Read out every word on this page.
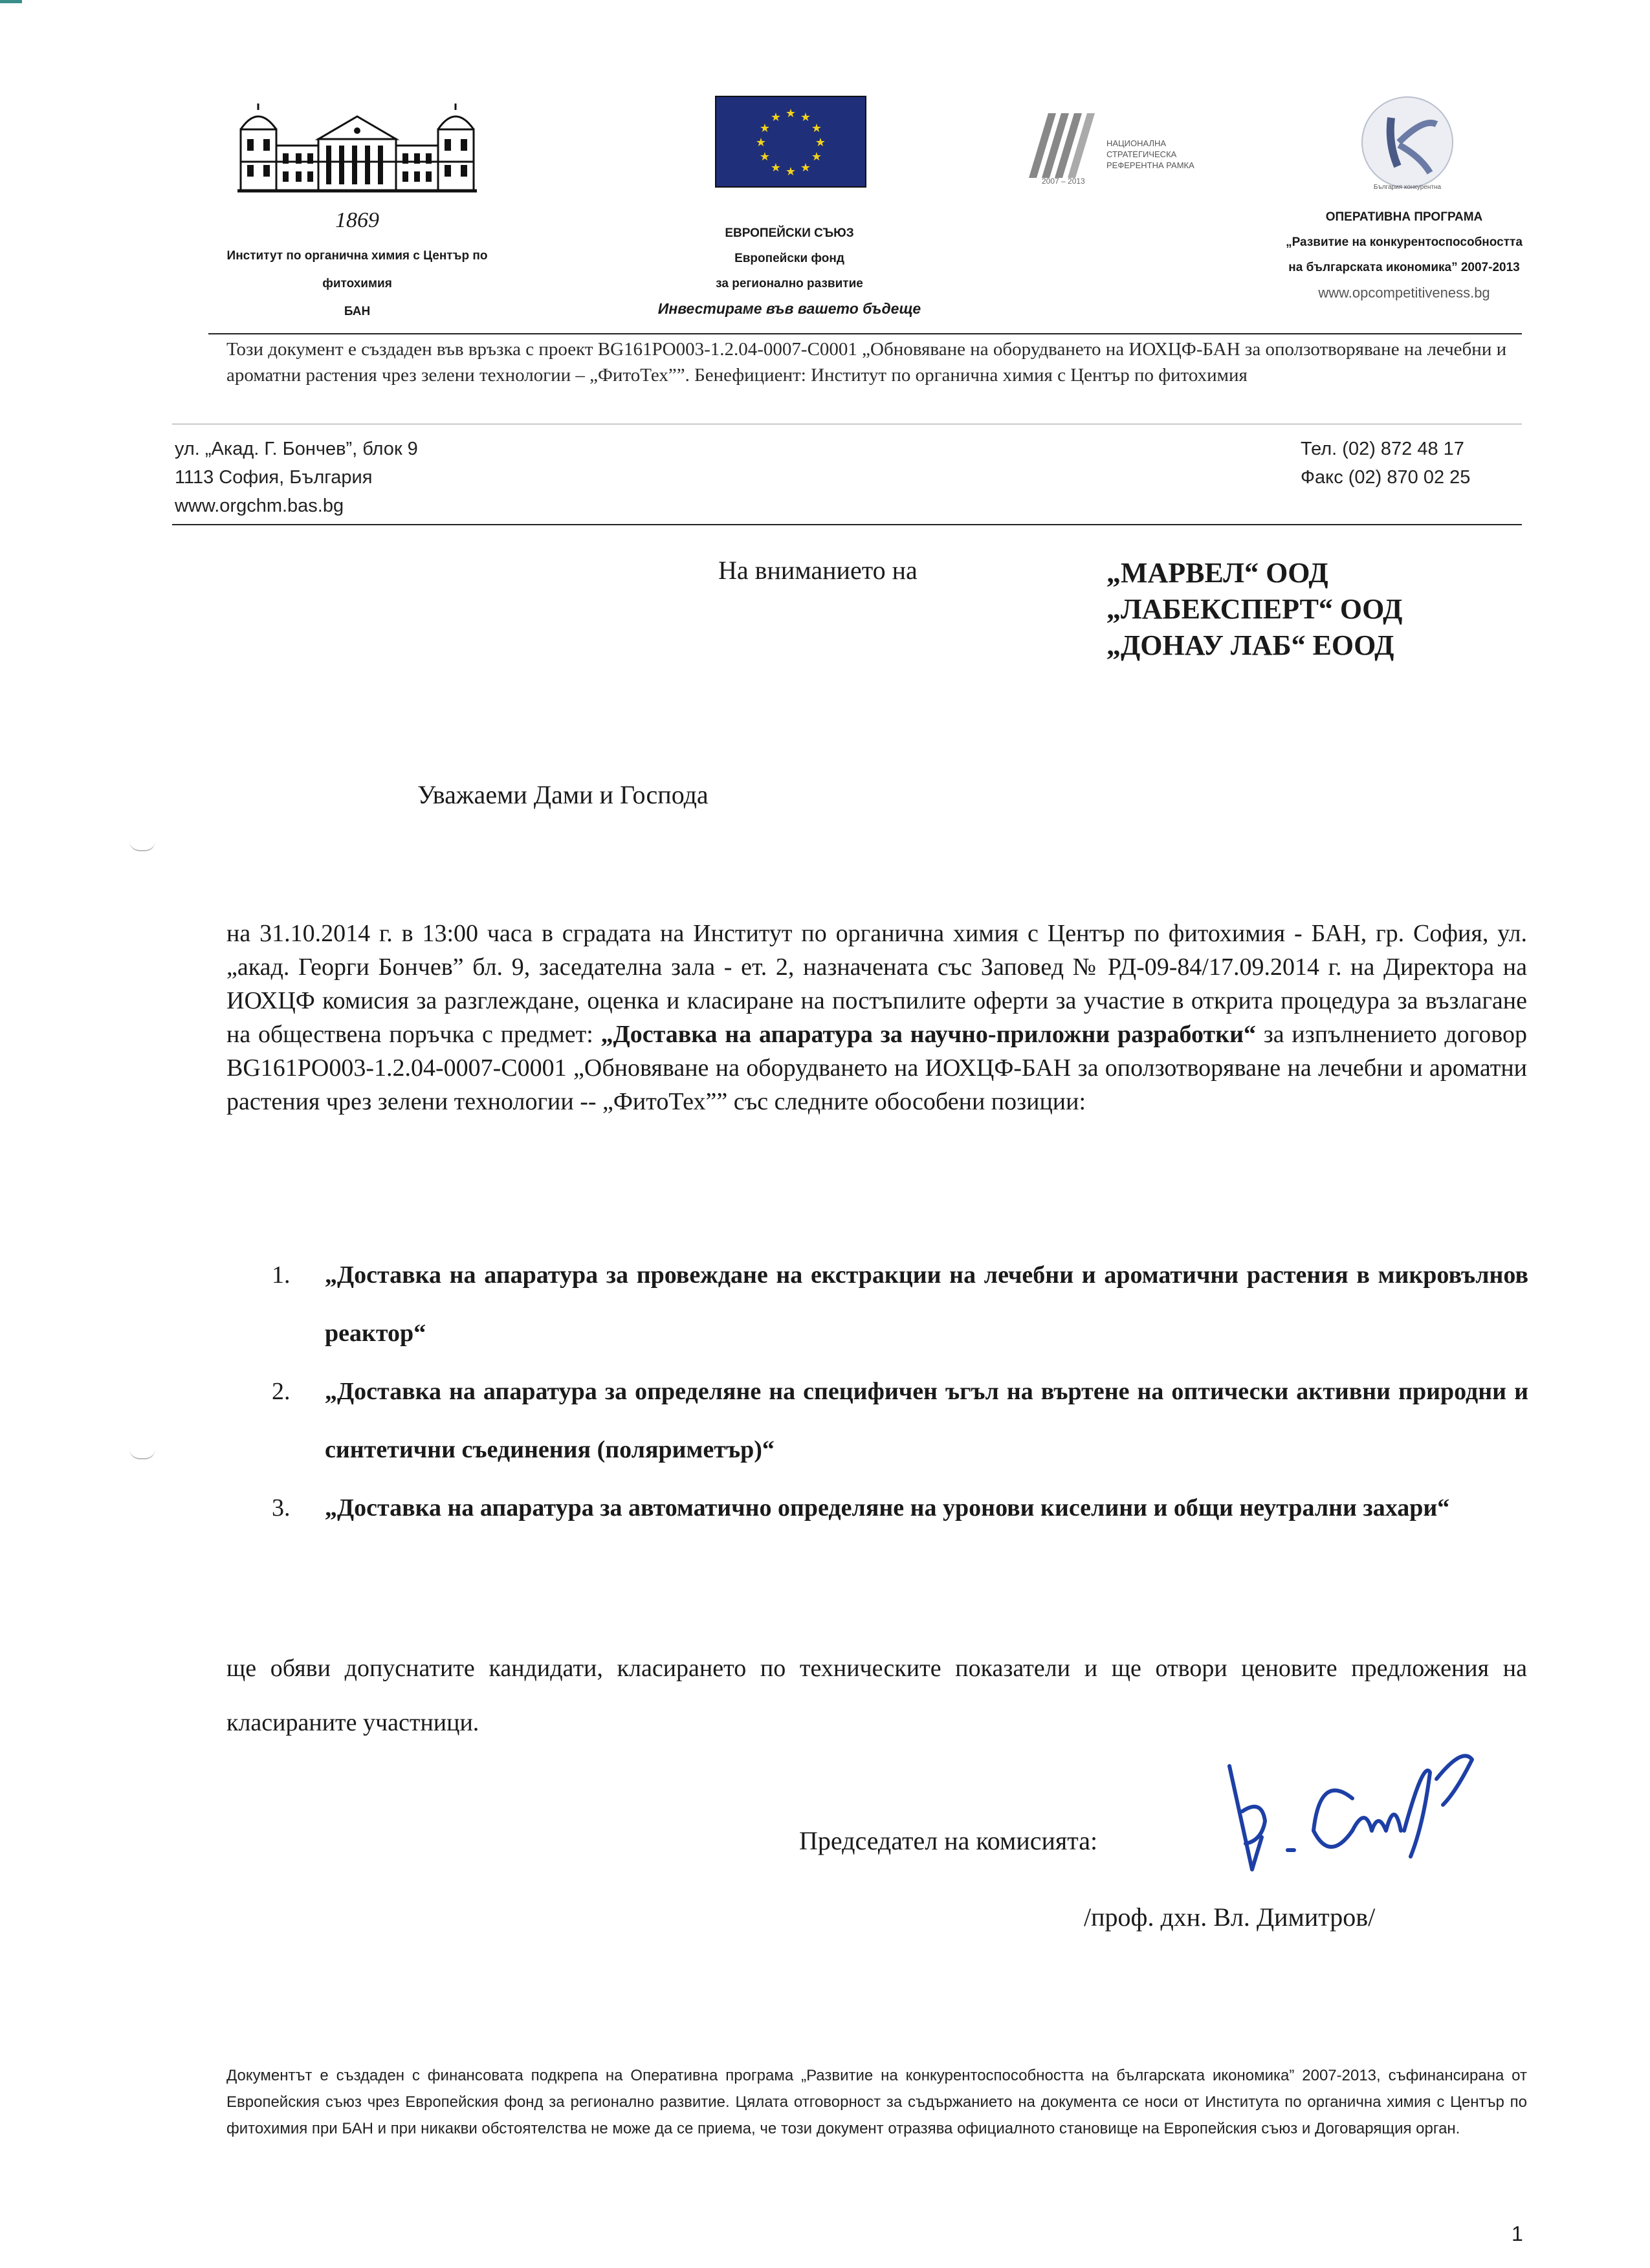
1869
Институт по органична химия с Център по
фитохимия
БАН
★ ★
★
★
★
★
★
★
★
★
★
★
ЕВРОПЕЙСКИ СЪЮЗ
Европейски фонд
за регионално развитие
Инвестираме във вашето бъдеще
НАЦИОНАЛНА
СТРАТЕГИЧЕСКА
РЕФЕРЕНТНА РАМКА
2007 – 2013
България конкурентна
ОПЕРАТИВНА ПРОГРАМА
„Развитие на конкурентоспособността
на българската икономика” 2007-2013
www.opcompetitiveness.bg
Този документ е създаден във връзка с проект BG161PO003-1.2.04-0007-C0001 „Обновяване на оборудването на ИОХЦФ-БАН за оползотворяване на лечебни и ароматни растения чрез зелени технологии – „ФитоТех””. Бенефициент: Институт по органична химия с Център по фитохимия
ул. „Акад. Г. Бончев”, блок 9
1113 София, България
www.orgchm.bas.bg
Тел. (02) 872 48 17
Факс (02) 870 02 25
На вниманието на	„МАРВЕЛ“ ООД
„ЛАБЕКСПЕРТ“ ООД
„ДОНАУ ЛАБ“ ЕООД
Уважаеми Дами и Господа
на 31.10.2014 г. в 13:00 часа в сградата на Институт по органична химия с Център по фитохимия - БАН, гр. София, ул. „акад. Георги Бончев” бл. 9, заседателна зала - ет. 2, назначената със Заповед № РД-09-84/17.09.2014 г. на Директора на ИОХЦФ комисия за разглеждане, оценка и класиране на постъпилите оферти за участие в открита процедура за възлагане на обществена поръчка с предмет: „Доставка на апаратура за научно-приложни разработки“ за изпълнението договор BG161PO003-1.2.04-0007-C0001 „Обновяване на оборудването на ИОХЦФ-БАН за оползотворяване на лечебни и ароматни растения чрез зелени технологии -- „ФитоТех”” със следните обособени позиции:
1. „Доставка на апаратура за провеждане на екстракции на лечебни и ароматични растения в микровълнов реактор“
2. „Доставка на апаратура за определяне на специфичен ъгъл на въртене на оптически активни природни и синтетични съединения (поляриметър)“
3. „Доставка на апаратура за автоматично определяне на уронови киселини и общи неутрални захари“
ще обяви допуснатите кандидати, класирането по техническите показатели и ще отвори ценовите предложения на класираните участници.
Председател на комисията:
/проф. дхн. Вл. Димитров/
Документът е създаден с финансовата подкрепа на Оперативна програма „Развитие на конкурентоспособността на българската икономика” 2007-2013, съфинансирана от Европейския съюз чрез Европейския фонд за регионално развитие. Цялата отговорност за съдържанието на документа се носи от Института по органична химия с Център по фитохимия при БАН и при никакви обстоятелства не може да се приема, че този документ отразява официалното становище на Европейския съюз и Договарящия орган.
1
